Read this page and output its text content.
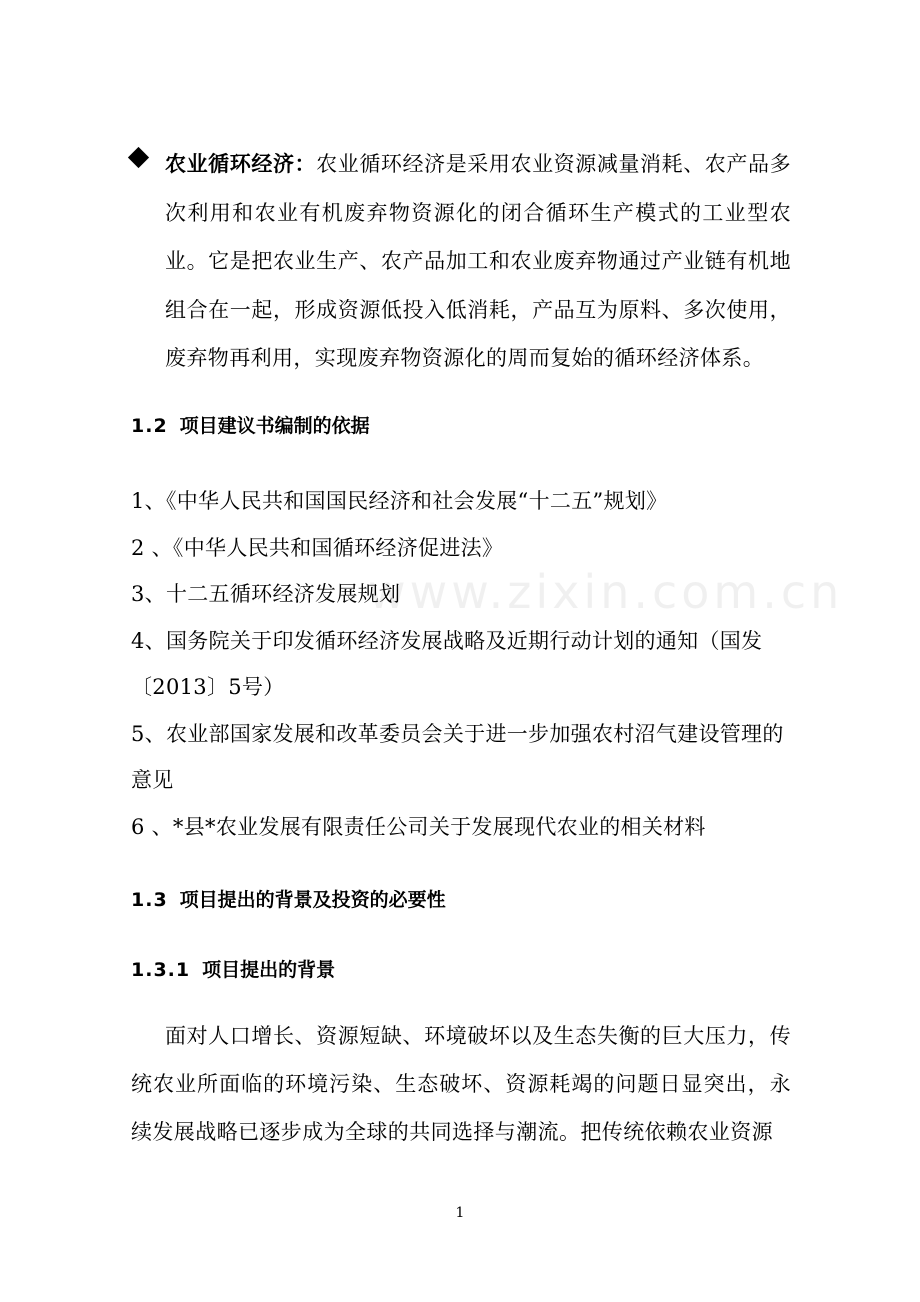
农业循环经济：农业循环经济是采用农业资源减量消耗、农产品多次利用和农业有机废弃物资源化的闭合循环生产模式的工业型农业。它是把农业生产、农产品加工和农业废弃物通过产业链有机地组合在一起，形成资源低投入低消耗，产品互为原料、多次使用，废弃物再利用，实现废弃物资源化的周而复始的循环经济体系。
1.2 项目建议书编制的依据
1、《中华人民共和国国民经济和社会发展“十二五”规划》
2 、《中华人民共和国循环经济促进法》
3、十二五循环经济发展规划
4、国务院关于印发循环经济发展战略及近期行动计划的通知（国发〔2013〕5号）
5、农业部国家发展和改革委员会关于进一步加强农村沼气建设管理的意见
6 、*县*农业发展有限责任公司关于发展现代农业的相关材料
1.3 项目提出的背景及投资的必要性
1.3.1 项目提出的背景
面对人口增长、资源短缺、环境破坏以及生态失衡的巨大压力，传统农业所面临的环境污染、生态破坏、资源耗竭的问题日显突出，永续发展战略已逐步成为全球的共同选择与潮流。把传统依赖农业资源
www.zixin.com.cn
1
